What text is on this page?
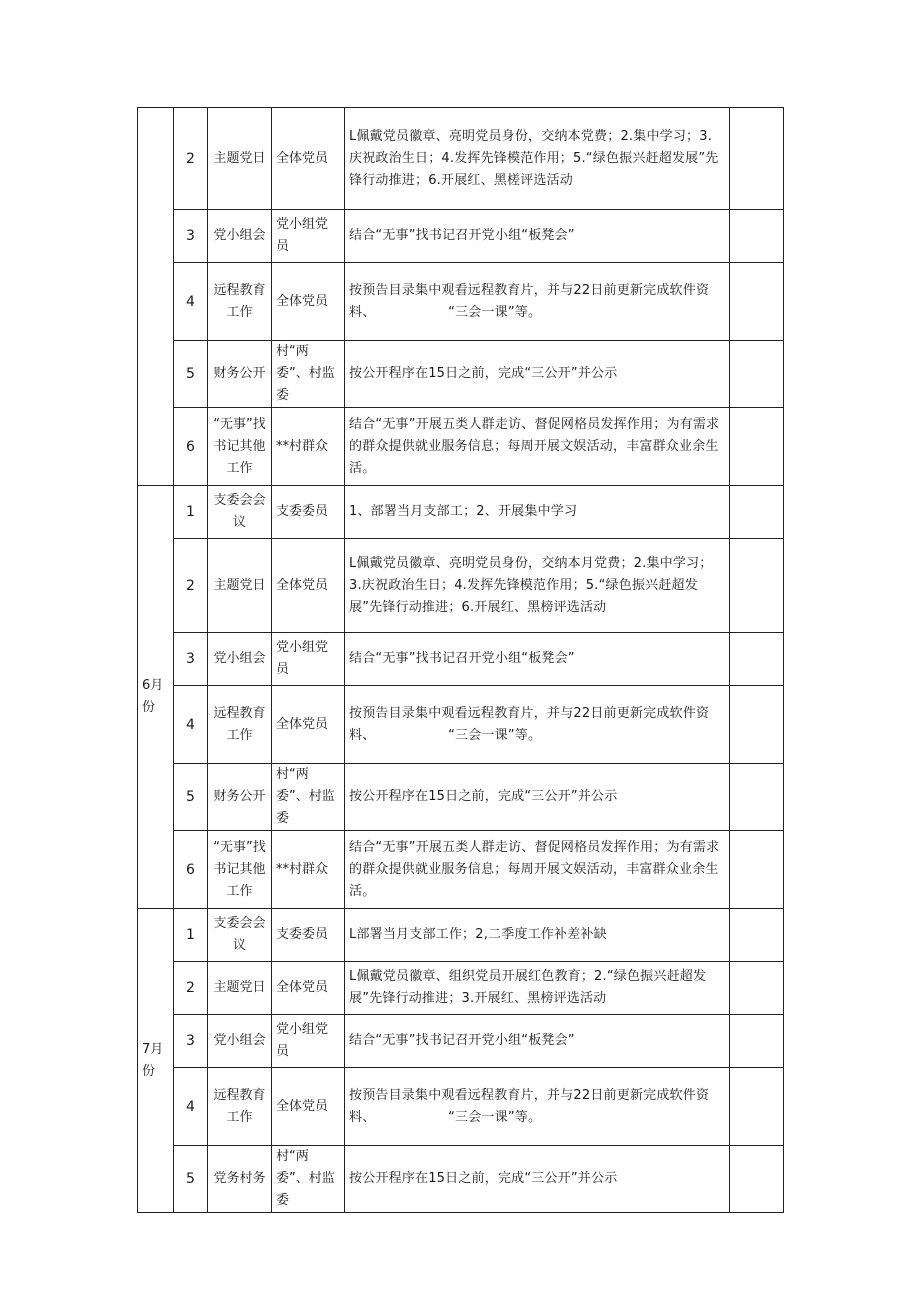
	2	主题党日	全体党员	L佩戴党员徽章、亮明党员身份，交纳本党费；2.集中学习；3.庆祝政治生日；4.发挥先锋模范作用；5.“绿色振兴赶超发展”先锋行动推进；6.开展红、黑槎评选活动	
	3	党小组会	党小组党员	结合“无事”找书记召开党小组“板凳会”	
	4	远程教育工作	全体党员	按预告目录集中观看远程教育片，并与22日前更新完成软件资料、　　　　　　“三会一课”等。	
	5	财务公开	村“两委”、村监委	按公开程序在15日之前，完成“三公开”并公示	
	6	“无事”找书记其他工作	**村群众	结合“无事”开展五类人群走访、督促网格员发挥作用；为有需求的群众提供就业服务信息；每周开展文娱活动，丰富群众业余生活。	
6月份	1	支委会会议	支委委员	1、部署当月支部工；2、开展集中学习	
	2	主题党日	全体党员	L佩戴党员徽章、亮明党员身份，交纳本月党费；2.集中学习；3.庆祝政治生日；4.发挥先锋模范作用；5.“绿色振兴赶超发展”先锋行动推进；6.开展红、黑榜评选活动	
	3	党小组会	党小组党员	结合“无事”找书记召开党小组“板凳会”	
	4	远程教育工作	全体党员	按预告目录集中观看远程教育片，并与22日前更新完成软件资料、　　　　　　“三会一课”等。	
	5	财务公开	村“两委”、村监委	按公开程序在15日之前，完成“三公开”并公示	
	6	“无事”找书记其他工作	**村群众	结合“无事”开展五类人群走访、督促网格员发挥作用；为有需求的群众提供就业服务信息；每周开展文娱活动，丰富群众业余生活。	
7月份	1	支委会会议	支委委员	L部署当月支部工作；2,二季度工作补差补缺	
	2	主题党日	全体党员	L佩戴党员徽章、组织党员开展红色教育；2.“绿色振兴赶超发展”先锋行动推进；3.开展红、黑榜评选活动	
	3	党小组会	党小组党员	结合“无事”找书记召开党小组“板凳会”	
	4	远程教育工作	全体党员	按预告目录集中观看远程教育片，并与22日前更新完成软件资料、　　　　　　“三会一课”等。	
	5	党务村务	村“两委”、村监委	按公开程序在15日之前，完成“三公开”并公示	
